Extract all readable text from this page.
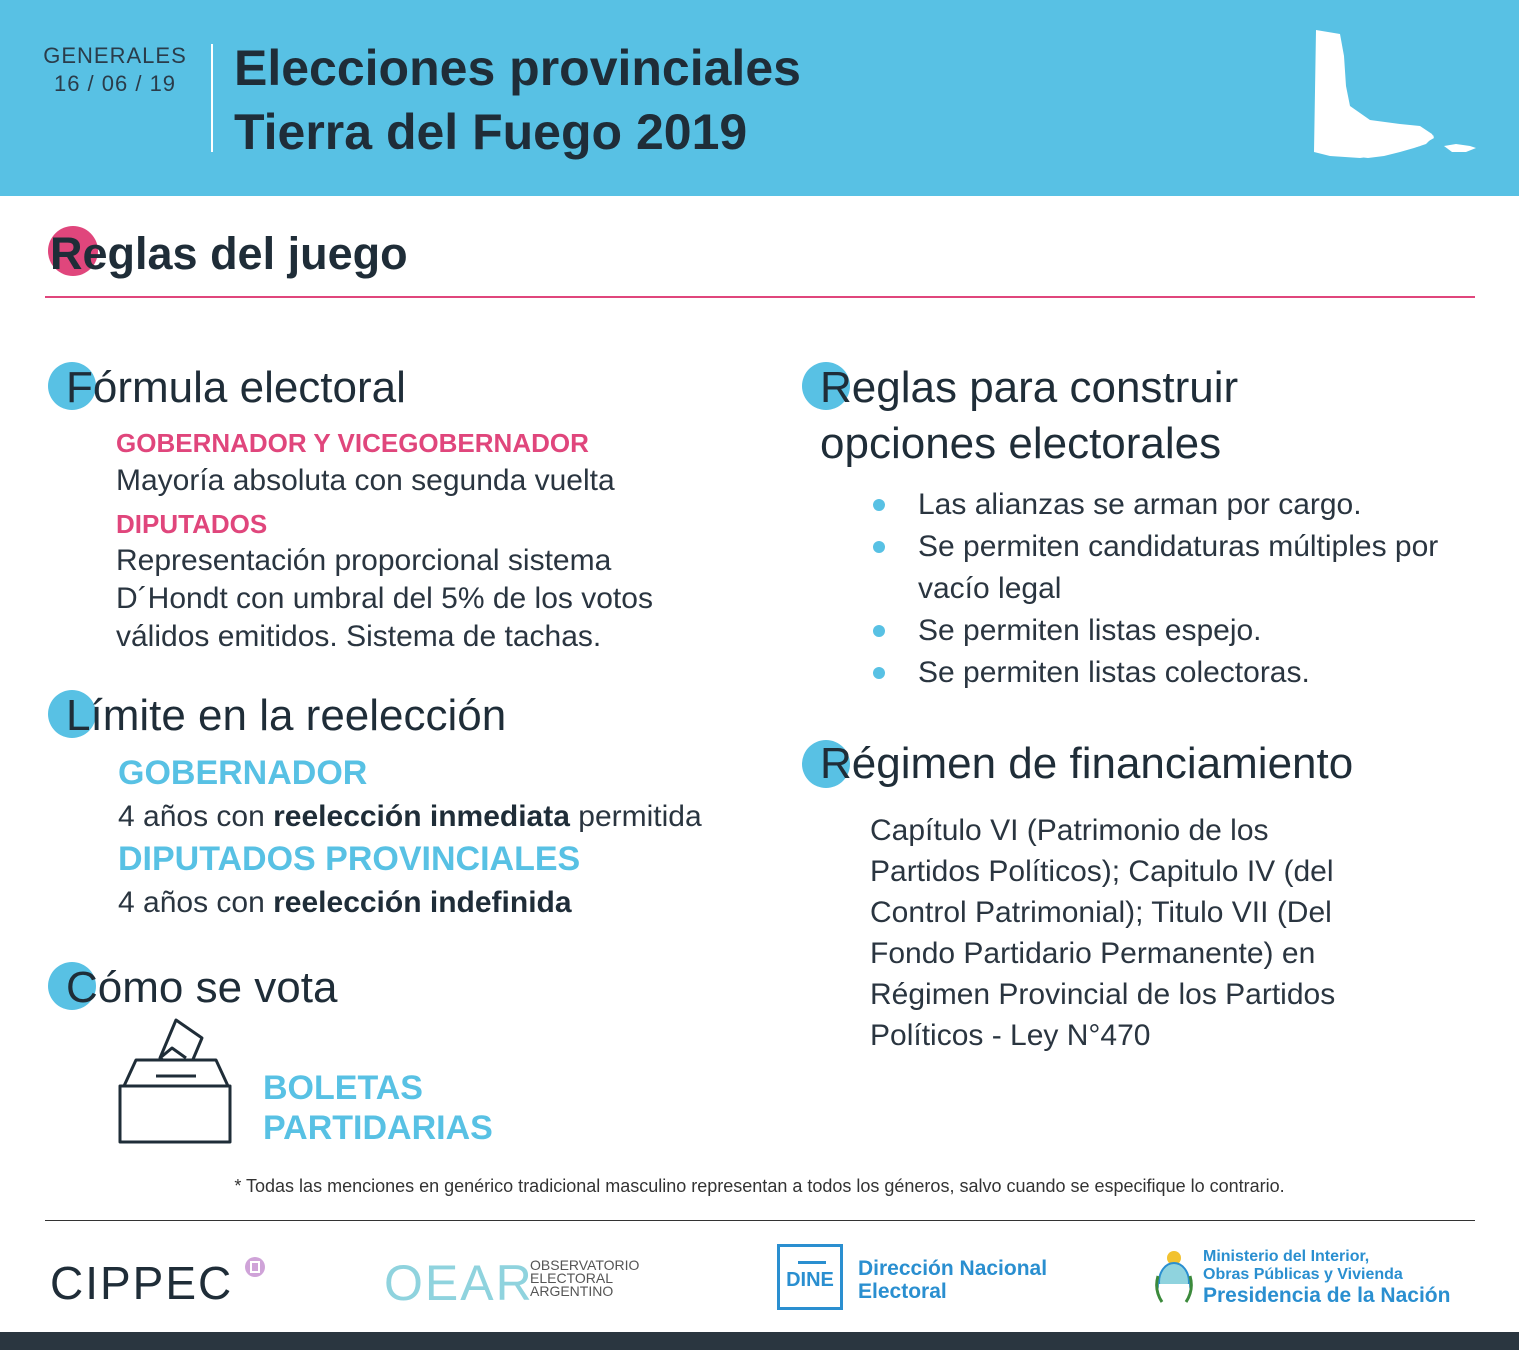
GENERALES
16 / 06 / 19 Elecciones provinciales
Tierra del Fuego 2019
Reglas del juego
Fórmula electoral
GOBERNADOR Y VICEGOBERNADOR
Mayoría absoluta con segunda vuelta
DIPUTADOS
Representación proporcional sistema
D´Hondt con umbral del 5% de los votos
válidos emitidos. Sistema de tachas.
Límite en la reelección
GOBERNADOR
4 años con reelección inmediata permitida
DIPUTADOS PROVINCIALES
4 años con reelección indefinida
Cómo se vota
BOLETAS
PARTIDARIAS
Reglas para construir
opciones electorales
Las alianzas se arman por cargo.
Se permiten candidaturas múltiples por vacío legal
Se permiten listas espejo.
Se permiten listas colectoras.
Régimen de financiamiento
Capítulo VI (Patrimonio de los
Partidos Políticos); Capitulo IV (del
Control Patrimonial); Titulo VII (Del
Fondo Partidario Permanente) en
Régimen Provincial de los Partidos
Políticos - Ley N°470
* Todas las menciones en genérico tradicional masculino representan a todos los géneros, salvo cuando se especifique lo contrario.
CIPPEC	OEAR
OBSERVATORIO
ELECTORAL
ARGENTINO	DINE Dirección Nacional
Electoral
Ministerio del Interior,
Obras Públicas y Vivienda
Presidencia de la Nación
